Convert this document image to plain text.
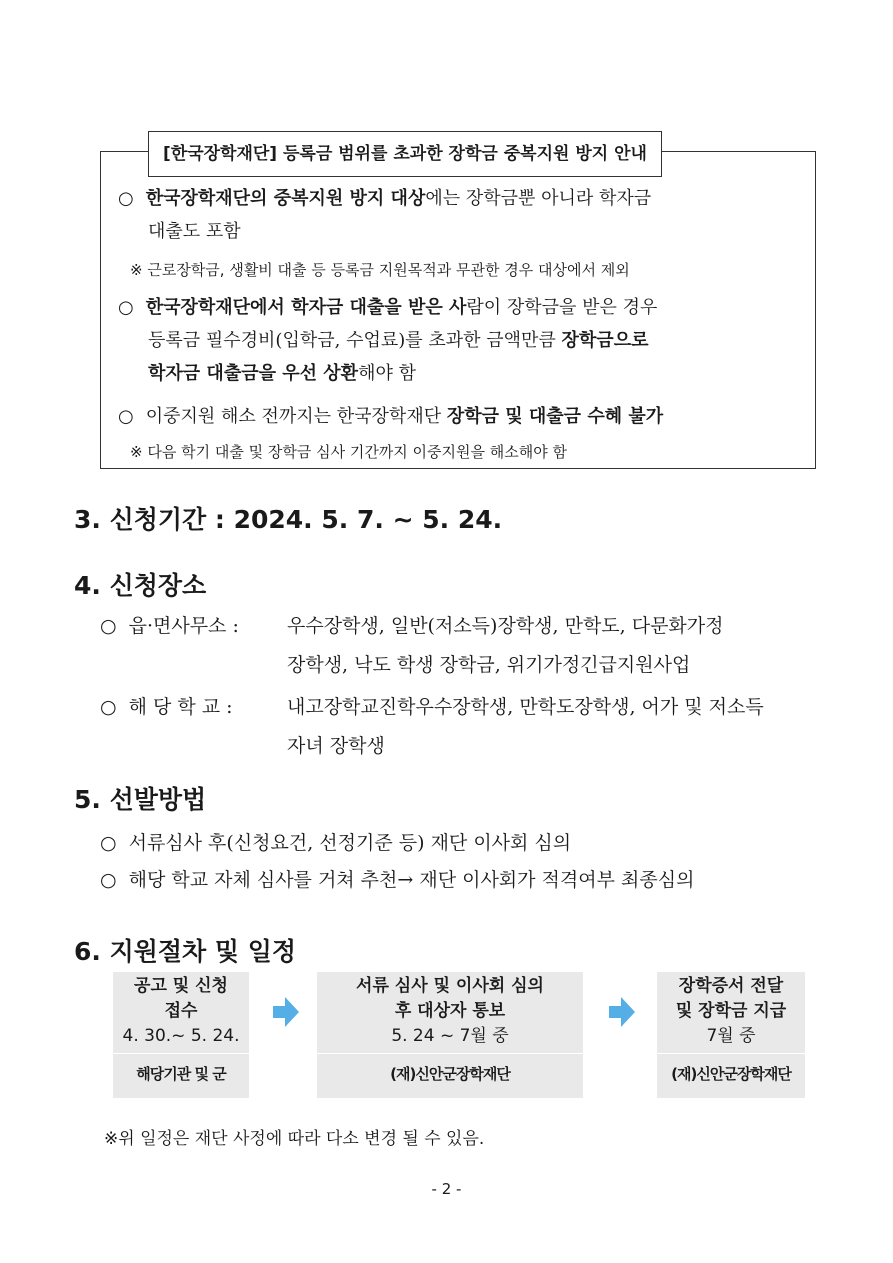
[한국장학재단] 등록금 범위를 초과한 장학금 중복지원 방지 안내
○ 한국장학재단의 중복지원 방지 대상에는 장학금뿐 아니라 학자금
대출도 포함
※ 근로장학금, 생활비 대출 등 등록금 지원목적과 무관한 경우 대상에서 제외
○ 한국장학재단에서 학자금 대출을 받은 사람이 장학금을 받은 경우
등록금 필수경비(입학금, 수업료)를 초과한 금액만큼 장학금으로
학자금 대출금을 우선 상환해야 함
○ 이중지원 해소 전까지는 한국장학재단 장학금 및 대출금 수혜 불가
※ 다음 학기 대출 및 장학금 심사 기간까지 이중지원을 해소해야 함
3. 신청기간 : 2024. 5. 7. ~ 5. 24.
4. 신청장소
○ 읍·면사무소 :	우수장학생, 일반(저소득)장학생, 만학도, 다문화가정
장학생, 낙도 학생 장학금, 위기가정긴급지원사업
○ 해 당 학 교 :	내고장학교진학우수장학생, 만학도장학생, 어가 및 저소득
자녀 장학생
5. 선발방법
○ 서류심사 후(신청요건, 선정기준 등) 재단 이사회 심의
○ 해당 학교 자체 심사를 거쳐 추천→ 재단 이사회가 적격여부 최종심의
6. 지원절차 및 일정
공고 및 신청
접수
4. 30.~ 5. 24.
해당기관 및 군
서류 심사 및 이사회 심의
후 대상자 통보
5. 24 ~ 7월 중
(재)신안군장학재단
장학증서 전달
및 장학금 지급
7월 중
(재)신안군장학재단
※위 일정은 재단 사정에 따라 다소 변경 될 수 있음.
- 2 -
